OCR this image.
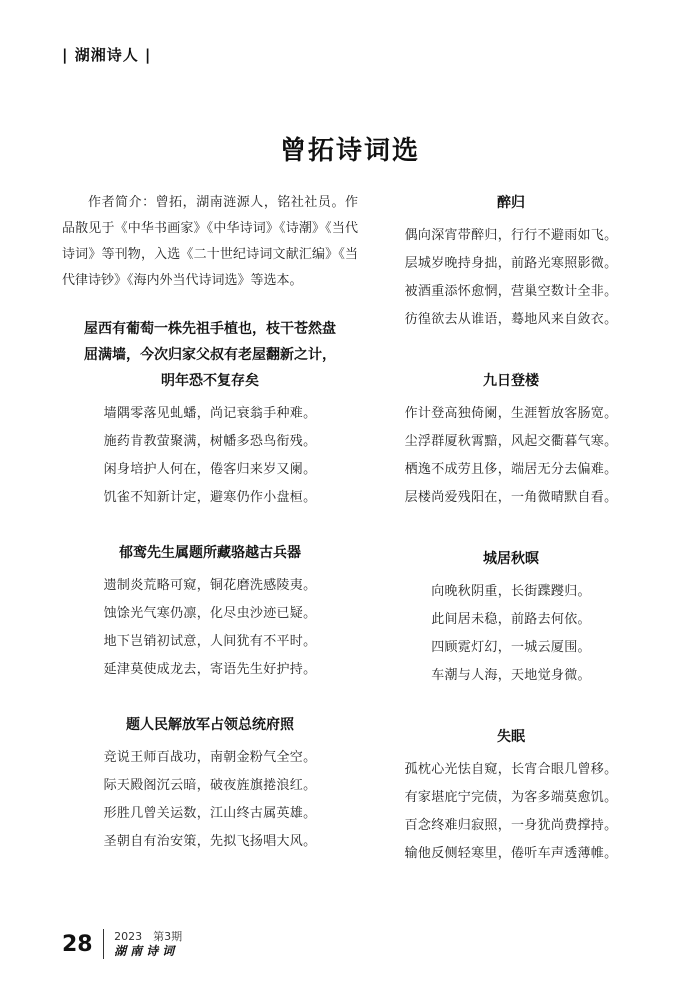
| 湖湘诗人 |
曾拓诗词选
作者简介：曾拓，湖南涟源人，铭社社员。作品散见于《中华书画家》《中华诗词》《诗潮》《当代诗词》等刊物，入选《二十世纪诗词文献汇编》《当代律诗钞》《海内外当代诗词选》等选本。
屋西有葡萄一株先祖手植也，枝干苍然盘
屈满墙，今次归家父叔有老屋翻新之计，
明年恐不复存矣
墙隅零落见虬蟠，尚记衰翁手种难。
施药肯教萤聚满，树幡多恐鸟衔残。
闲身培护人何在，倦客归来岁又阑。
饥雀不知新计定，避寒仍作小盘桓。
郁鸾先生属题所藏骆越古兵器
遗制炎荒略可窥，铜花磨洗感陵夷。
蚀馀光气寒仍凛，化尽虫沙迹已疑。
地下岂销初试意，人间犹有不平时。
延津莫使成龙去，寄语先生好护持。
题人民解放军占领总统府照
竞说王师百战功，南朝金粉气全空。
际天殿阁沉云暗，破夜旌旗捲浪红。
形胜几曾关运数，江山终古属英雄。
圣朝自有治安策，先拟飞扬唱大风。
醉归
偶向深宵带醉归，行行不避雨如飞。
层城岁晚持身拙，前路光寒照影微。
被酒重添怀愈惘，营巢空数计全非。
彷徨欲去从谁语，蓦地风来自敛衣。
九日登楼
作计登高独倚阑，生涯暂放客肠宽。
尘浮群厦秋霄黯，风起交衢暮气寒。
栖逸不成劳且侈，端居无分去偏难。
层楼尚爱残阳在，一角微晴默自看。
城居秋暝
向晚秋阴重，长街蹀躞归。
此间居未稳，前路去何依。
四顾霓灯幻，一城云厦围。
车潮与人海，天地觉身微。
失眠
孤枕心光怯自窥，长宵合眼几曾移。
有家堪庇宁完债，为客多端莫愈饥。
百念终难归寂照，一身犹尚费撑持。
输他反侧轻寒里，倦听车声透薄帷。
28 2023　第3期
湖南诗词
